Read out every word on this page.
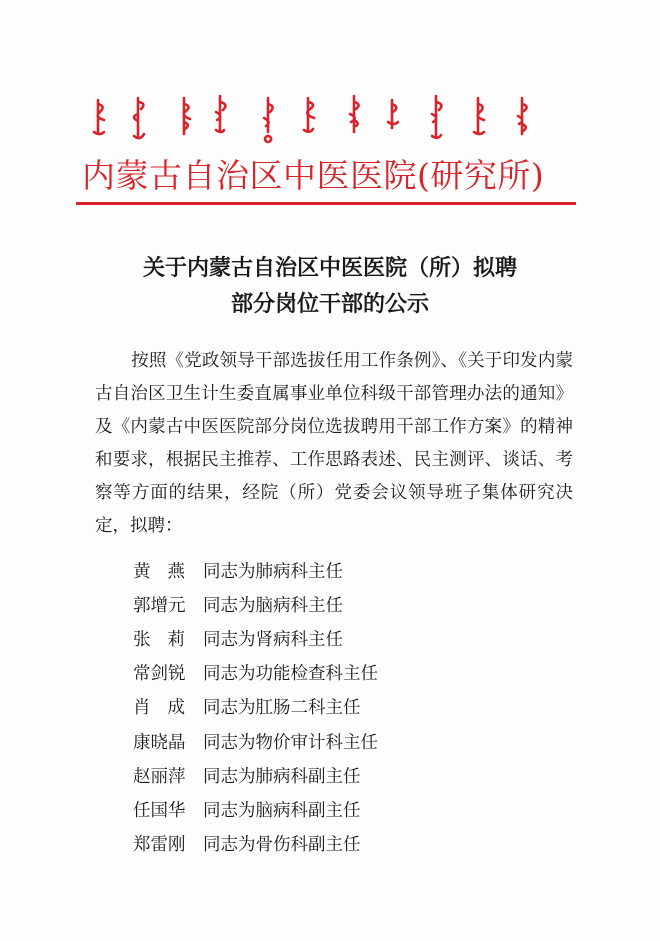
内蒙古自治区中医医院(研究所)
关于内蒙古自治区中医医院（所）拟聘
部分岗位干部的公示
按照《党政领导干部选拔任用工作条例》、《关于印发内蒙古自治区卫生计生委直属事业单位科级干部管理办法的通知》及《内蒙古中医医院部分岗位选拔聘用干部工作方案》的精神和要求，根据民主推荐、工作思路表述、民主测评、谈话、考察等方面的结果，经院（所）党委会议领导班子集体研究决定，拟聘：
黄燕 同志为肺病科主任
郭增元	同志为脑病科主任
张莉 同志为肾病科主任
常剑锐	同志为功能检查科主任
肖成 同志为肛肠二科主任
康晓晶	同志为物价审计科主任
赵丽萍	同志为肺病科副主任
任国华	同志为脑病科副主任
郑雷刚	同志为骨伤科副主任
